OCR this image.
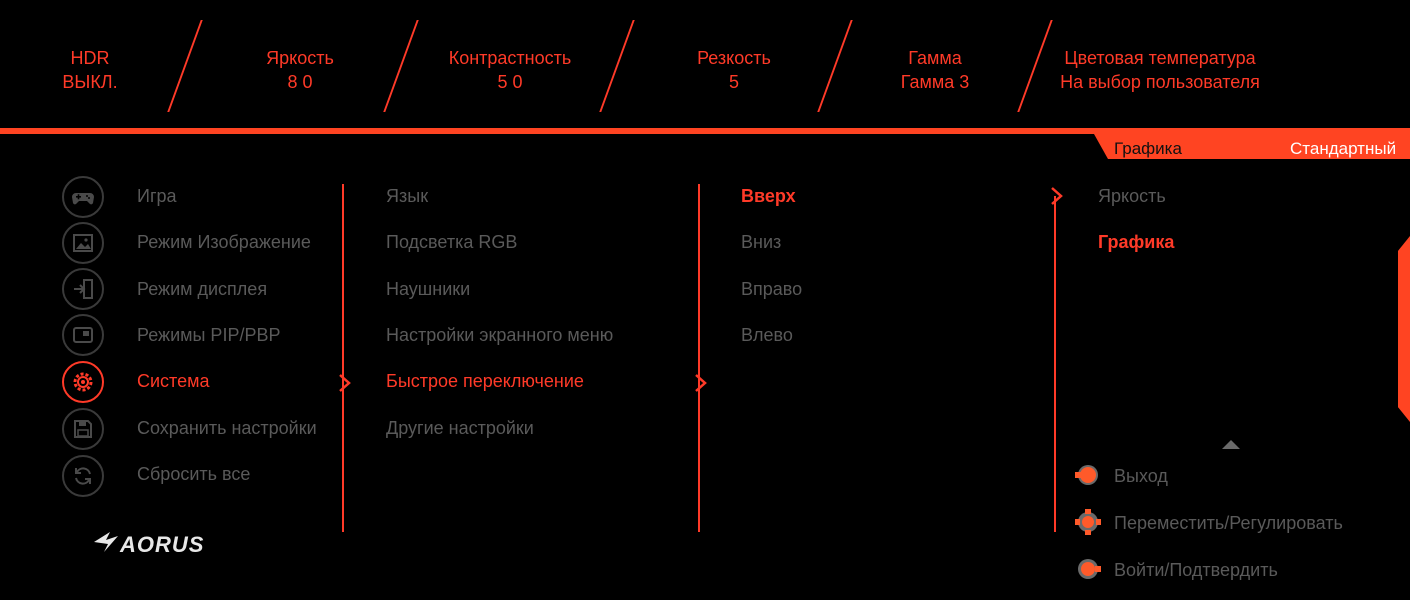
HDR
ВЫКЛ.
Яркость
8 0
Контрастность
5 0
Резкость
5
Гамма
Гамма 3
Цветовая температура
На выбор пользователя
Графика	Стандартный
Игра
Режим Изображение
Режим дисплея
Режимы PIP/PBP
Система
Сохранить настройки
Сбросить все
AORUS
Язык
Подсветка RGB
Наушники
Настройки экранного меню
Быстрое переключение
Другие настройки
Вверх
Вниз
Вправо
Влево
Яркость
Графика
Выход
Переместить/Регулировать
Войти/Подтвердить
